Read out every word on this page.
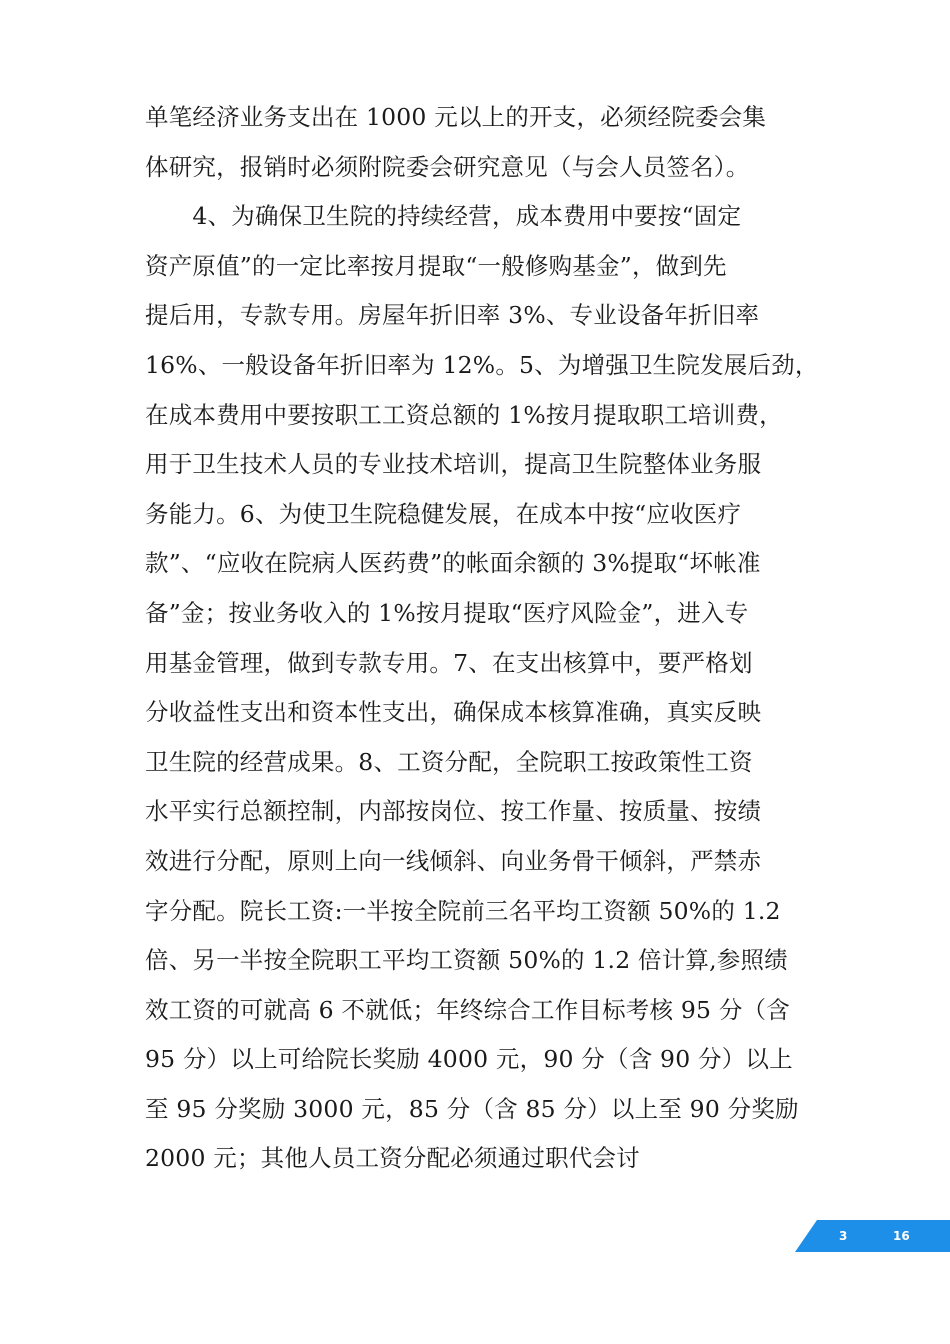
单笔经济业务支出在 1000 元以上的开支，必须经院委会集
体研究，报销时必须附院委会研究意见（与会人员签名）。
　　4、为确保卫生院的持续经营，成本费用中要按“固定
资产原值”的一定比率按月提取“一般修购基金”，做到先
提后用，专款专用。房屋年折旧率 3%、专业设备年折旧率
16%、一般设备年折旧率为 12%。5、为增强卫生院发展后劲，
在成本费用中要按职工工资总额的 1%按月提取职工培训费，
用于卫生技术人员的专业技术培训，提高卫生院整体业务服
务能力。6、为使卫生院稳健发展，在成本中按“应收医疗
款”、“应收在院病人医药费”的帐面余额的 3%提取“坏帐准
备”金；按业务收入的 1%按月提取“医疗风险金”，进入专
用基金管理，做到专款专用。7、在支出核算中，要严格划
分收益性支出和资本性支出，确保成本核算准确，真实反映
卫生院的经营成果。8、工资分配，全院职工按政策性工资
水平实行总额控制，内部按岗位、按工作量、按质量、按绩
效进行分配，原则上向一线倾斜、向业务骨干倾斜，严禁赤
字分配。院长工资:一半按全院前三名平均工资额 50%的 1.2
倍、另一半按全院职工平均工资额 50%的 1.2 倍计算,参照绩
效工资的可就高 6 不就低；年终综合工作目标考核 95 分（含
95 分）以上可给院长奖励 4000 元，90 分（含 90 分）以上
至 95 分奖励 3000 元，85 分（含 85 分）以上至 90 分奖励
2000 元；其他人员工资分配必须通过职代会讨
3	16
